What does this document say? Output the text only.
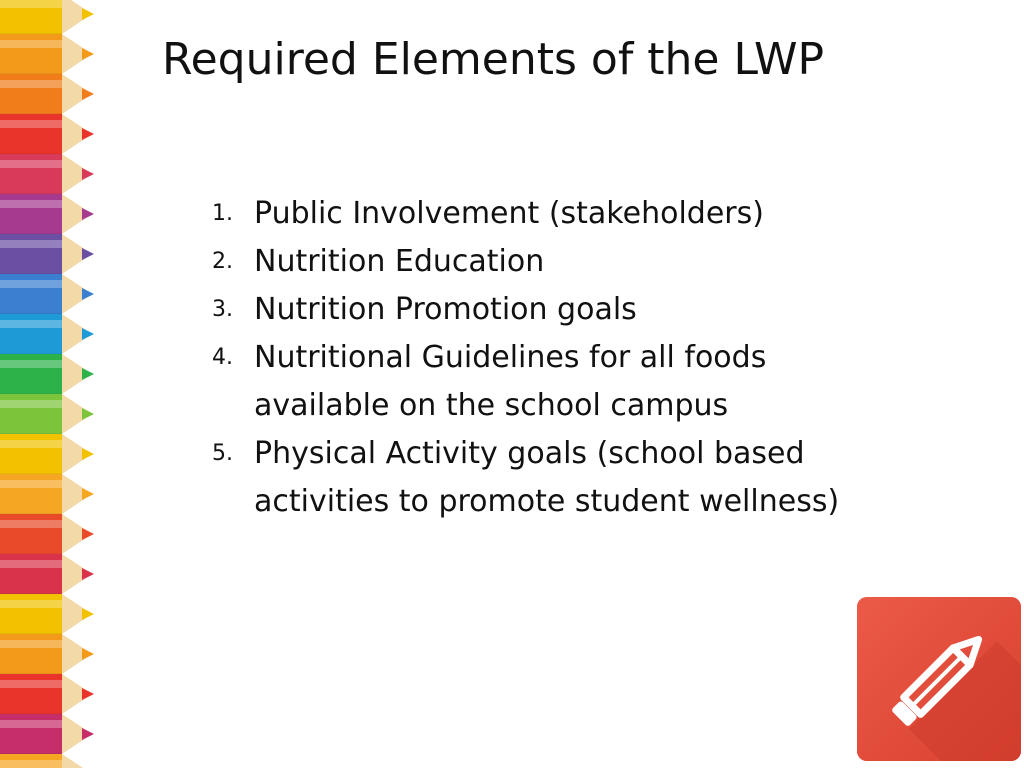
Required Elements of the LWP
1. Public Involvement (stakeholders)
2. Nutrition Education
3. Nutrition Promotion goals
4. Nutritional Guidelines for all foods available on the school campus
5. Physical Activity goals (school based activities to promote student wellness)
